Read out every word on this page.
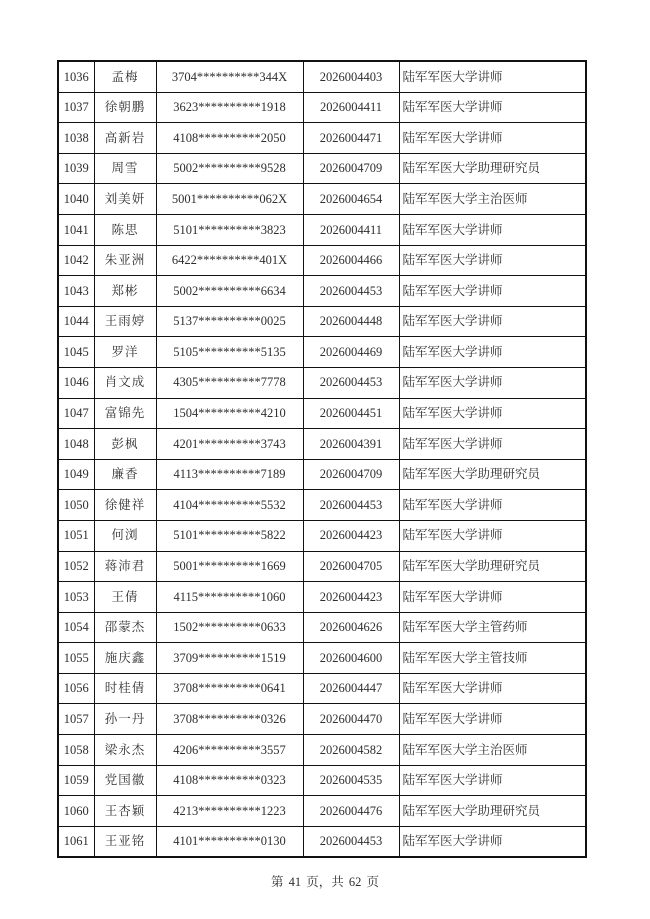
1036	孟梅	3704**********344X	2026004403	陆军军医大学讲师
1037	徐朝鹏	3623**********1918	2026004411	陆军军医大学讲师
1038	高新岩	4108**********2050	2026004471	陆军军医大学讲师
1039	周雪	5002**********9528	2026004709	陆军军医大学助理研究员
1040	刘美妍	5001**********062X	2026004654	陆军军医大学主治医师
1041	陈思	5101**********3823	2026004411	陆军军医大学讲师
1042	朱亚洲	6422**********401X	2026004466	陆军军医大学讲师
1043	郑彬	5002**********6634	2026004453	陆军军医大学讲师
1044	王雨婷	5137**********0025	2026004448	陆军军医大学讲师
1045	罗洋	5105**********5135	2026004469	陆军军医大学讲师
1046	肖文成	4305**********7778	2026004453	陆军军医大学讲师
1047	富锦先	1504**********4210	2026004451	陆军军医大学讲师
1048	彭枫	4201**********3743	2026004391	陆军军医大学讲师
1049	廉香	4113**********7189	2026004709	陆军军医大学助理研究员
1050	徐健祥	4104**********5532	2026004453	陆军军医大学讲师
1051	何浏	5101**********5822	2026004423	陆军军医大学讲师
1052	蒋沛君	5001**********1669	2026004705	陆军军医大学助理研究员
1053	王倩	4115**********1060	2026004423	陆军军医大学讲师
1054	邵蒙杰	1502**********0633	2026004626	陆军军医大学主管药师
1055	施庆鑫	3709**********1519	2026004600	陆军军医大学主管技师
1056	时桂倩	3708**********0641	2026004447	陆军军医大学讲师
1057	孙一丹	3708**********0326	2026004470	陆军军医大学讲师
1058	梁永杰	4206**********3557	2026004582	陆军军医大学主治医师
1059	党国徽	4108**********0323	2026004535	陆军军医大学讲师
1060	王杏颖	4213**********1223	2026004476	陆军军医大学助理研究员
1061	王亚铭	4101**********0130	2026004453	陆军军医大学讲师
第 41 页，共 62 页
